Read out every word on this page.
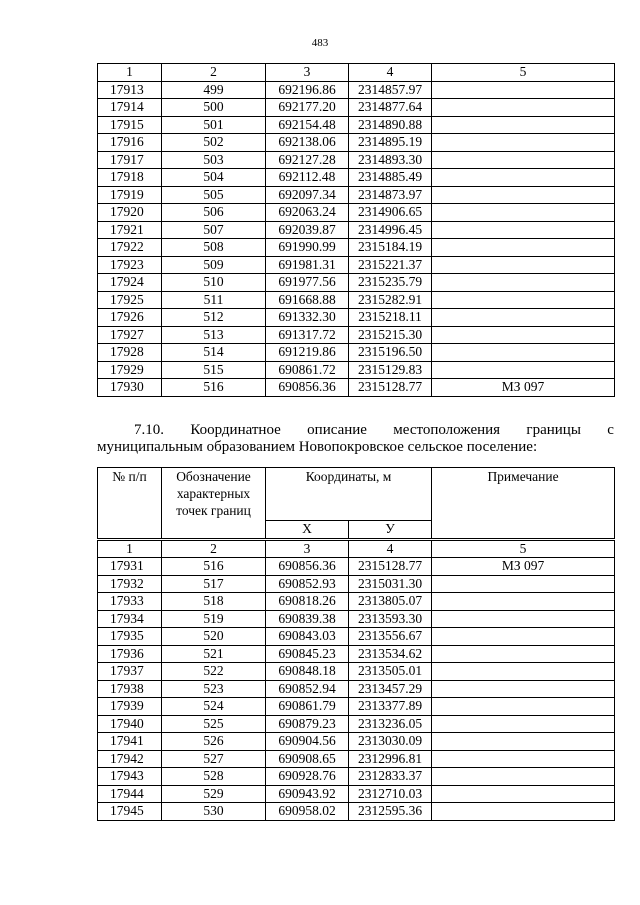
483
1	2	3	4	5
17913	499	692196.86	2314857.97	
17914	500	692177.20	2314877.64	
17915	501	692154.48	2314890.88	
17916	502	692138.06	2314895.19	
17917	503	692127.28	2314893.30	
17918	504	692112.48	2314885.49	
17919	505	692097.34	2314873.97	
17920	506	692063.24	2314906.65	
17921	507	692039.87	2314996.45	
17922	508	691990.99	2315184.19	
17923	509	691981.31	2315221.37	
17924	510	691977.56	2315235.79	
17925	511	691668.88	2315282.91	
17926	512	691332.30	2315218.11	
17927	513	691317.72	2315215.30	
17928	514	691219.86	2315196.50	
17929	515	690861.72	2315129.83	
17930	516	690856.36	2315128.77	МЗ 097
7.10. Координатное описание местоположения границы с
муниципальным образованием Новопокровское сельское поселение:
№ п/п	Обозначение характерных точек границ	Координаты, м		Примечание
		X	У	
1	2	3	4	5
17931	516	690856.36	2315128.77	МЗ 097
17932	517	690852.93	2315031.30	
17933	518	690818.26	2313805.07	
17934	519	690839.38	2313593.30	
17935	520	690843.03	2313556.67	
17936	521	690845.23	2313534.62	
17937	522	690848.18	2313505.01	
17938	523	690852.94	2313457.29	
17939	524	690861.79	2313377.89	
17940	525	690879.23	2313236.05	
17941	526	690904.56	2313030.09	
17942	527	690908.65	2312996.81	
17943	528	690928.76	2312833.37	
17944	529	690943.92	2312710.03	
17945	530	690958.02	2312595.36	
